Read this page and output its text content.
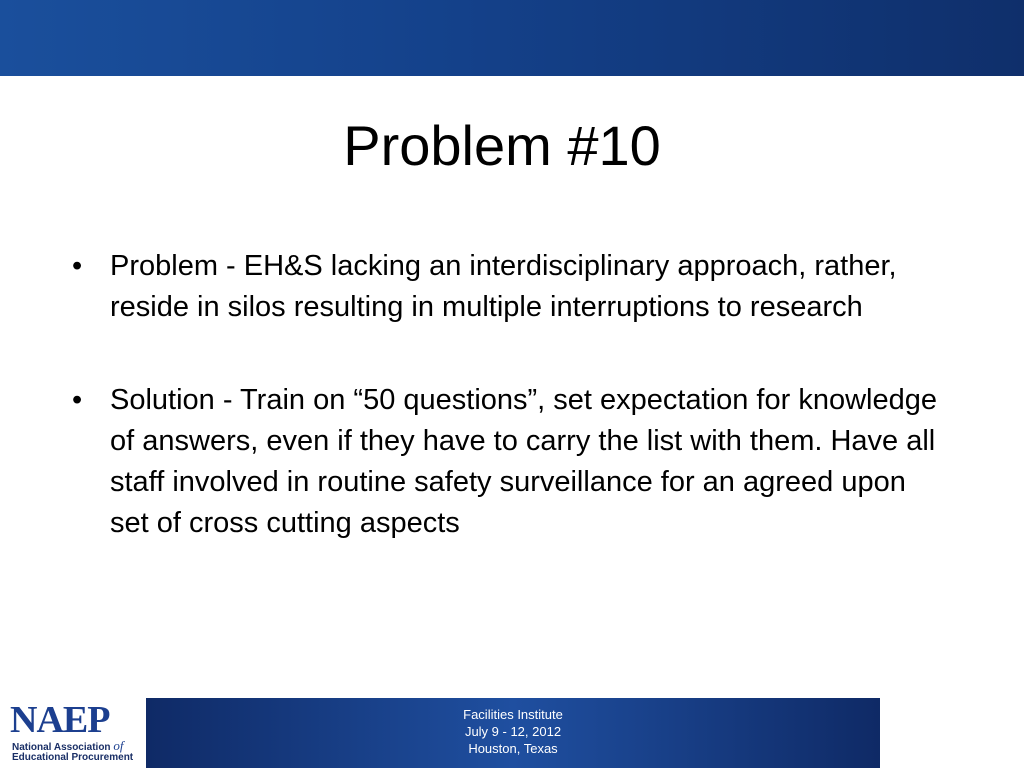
Problem #10
• Problem - EH&S lacking an interdisciplinary approach, rather, reside in silos resulting in multiple interruptions to research
• Solution - Train on “50 questions”, set expectation for knowledge of answers, even if they have to carry the list with them. Have all staff involved in routine safety surveillance for an agreed upon set of cross cutting aspects
NAEP
National Association of
Educational Procurement
Facilities Institute
July 9 - 12, 2012
Houston, Texas
